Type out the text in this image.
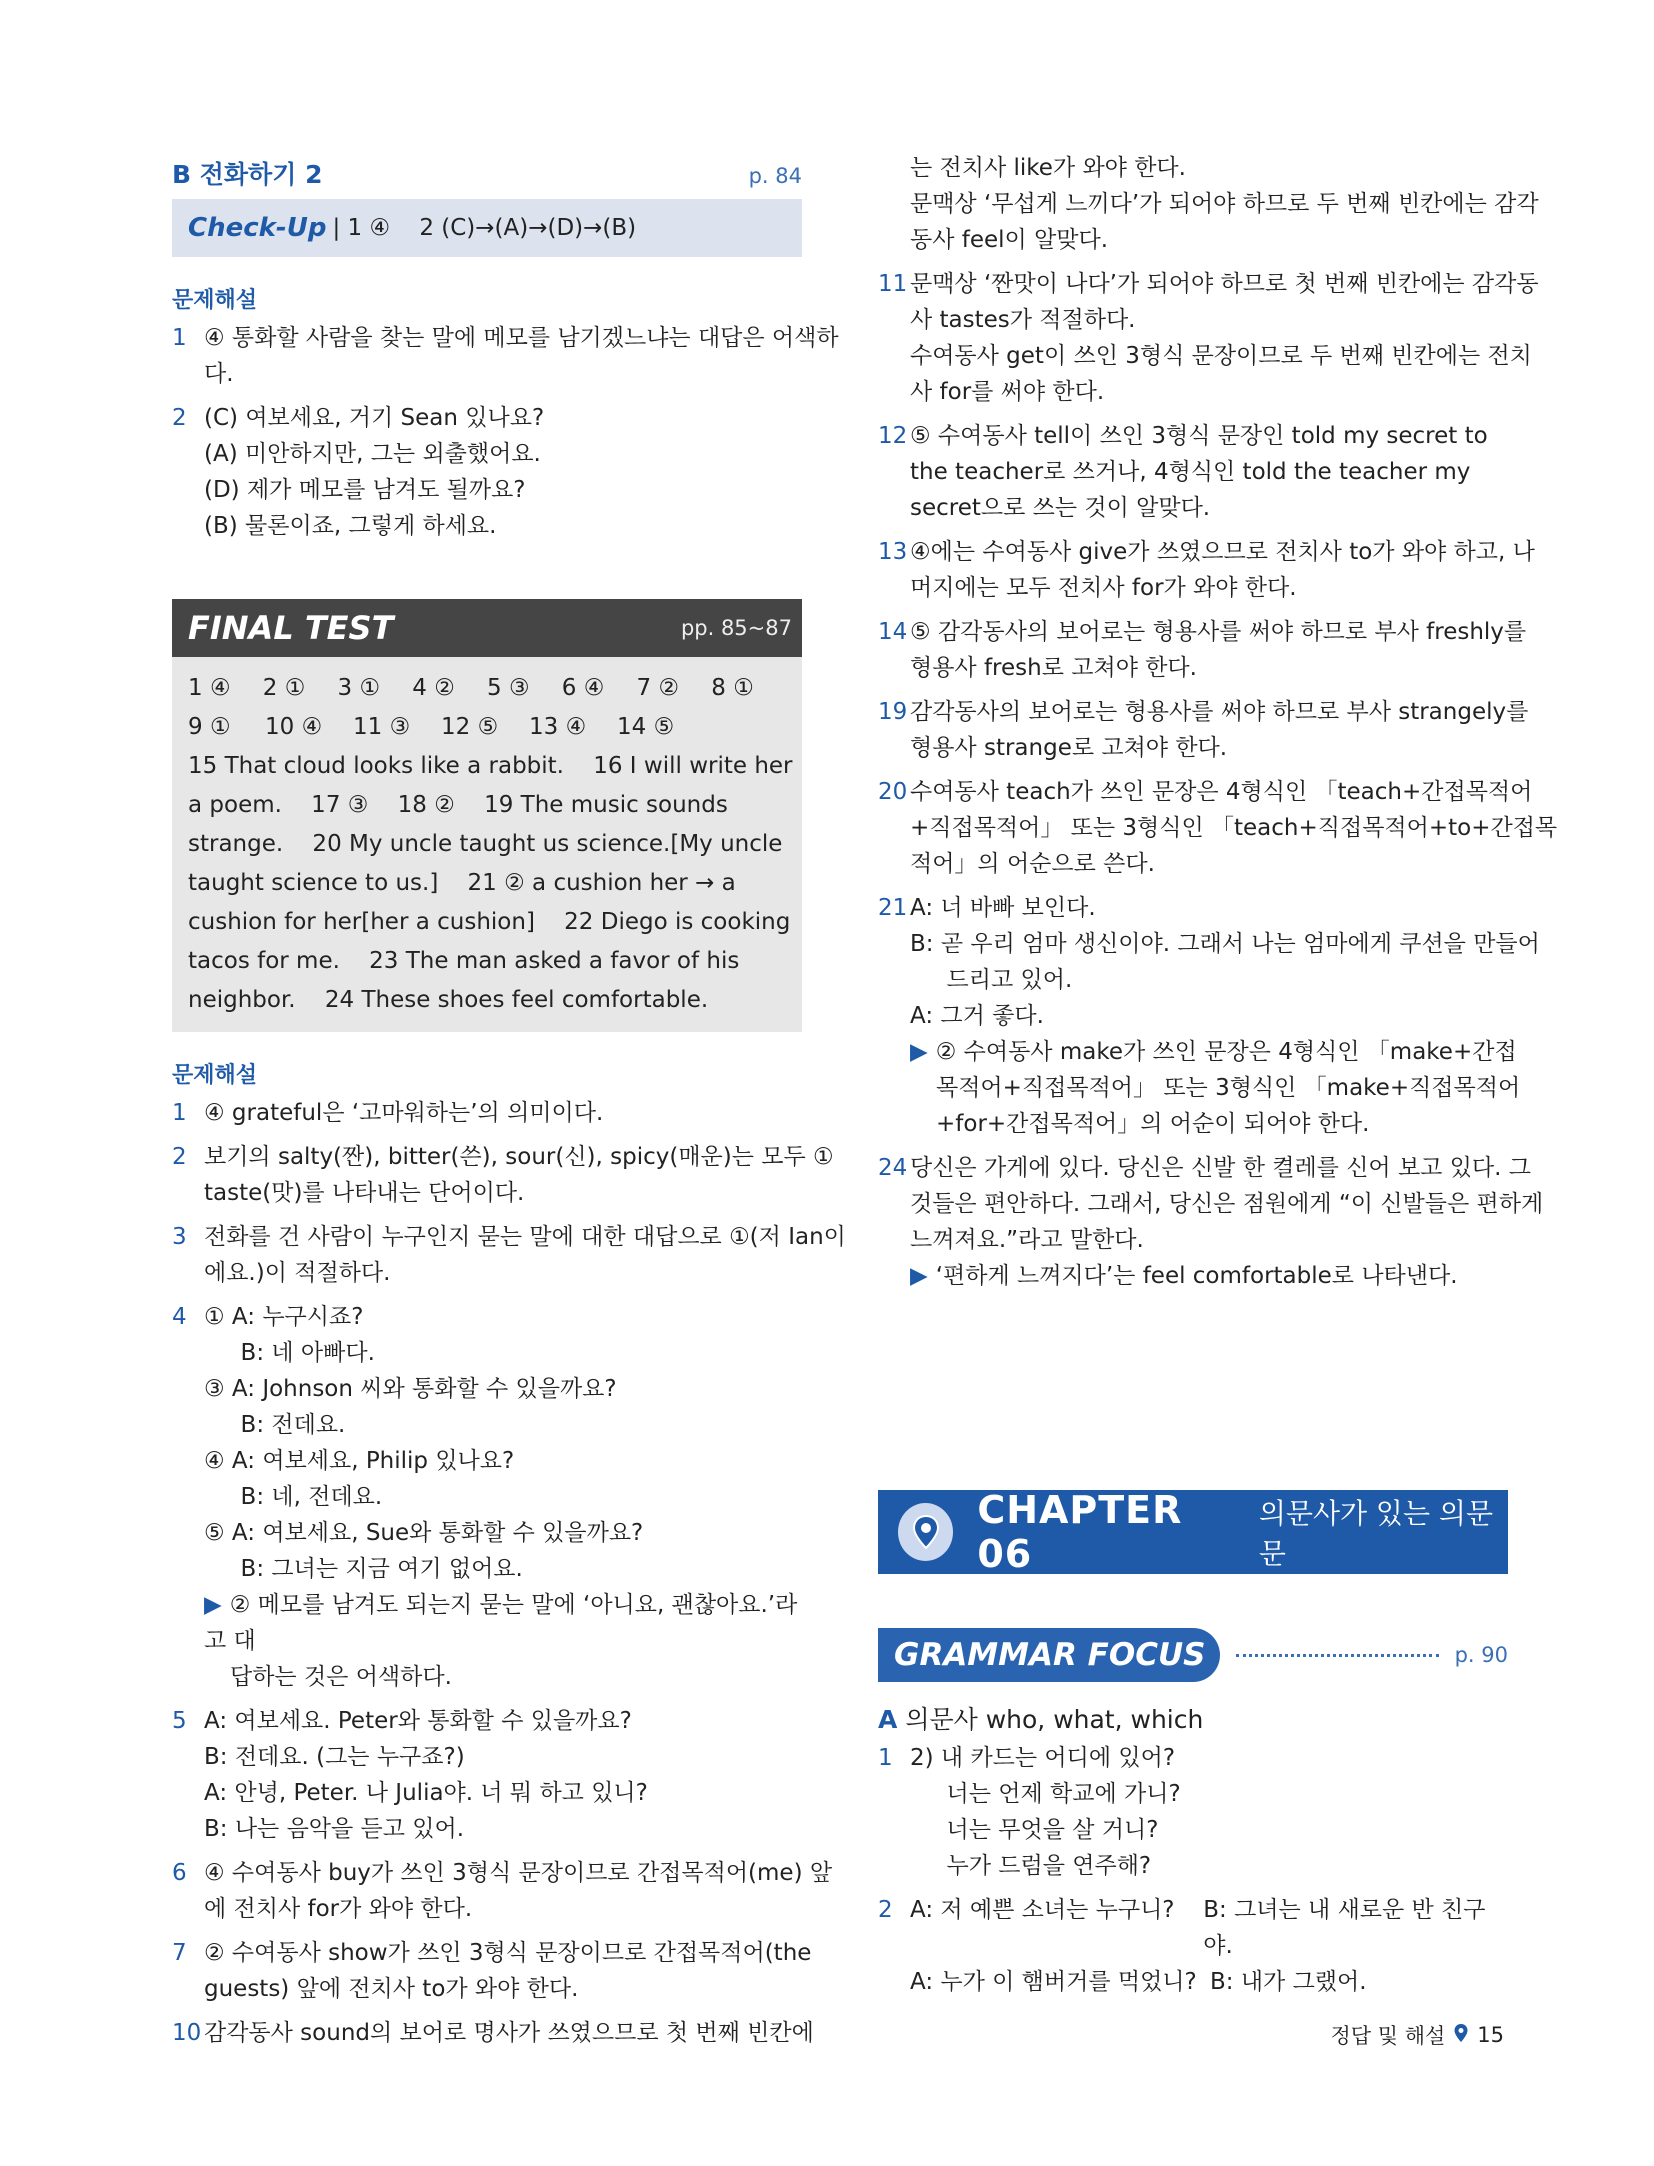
B 전화하기 2	p. 84
Check-Up | 1 ④    2 (C)→(A)→(D)→(B)
문제해설
1 ④ 통화할 사람을 찾는 말에 메모를 남기겠느냐는 대답은 어색하
다.
2 (C) 여보세요, 거기 Sean 있나요?
(A) 미안하지만, 그는 외출했어요.
(D) 제가 메모를 남겨도 될까요?
(B) 물론이죠, 그렇게 하세요.
FINAL TEST	pp. 85~87
1 ④	2 ①	3 ①	4 ②	5 ③	6 ④	7 ②	8 ①
9 ①	10 ④	11 ③	12 ⑤	13 ④	14 ⑤
15 That cloud looks like a rabbit.    16 I will write her
a poem.    17 ③    18 ②    19 The music sounds
strange.    20 My uncle taught us science.[My uncle
taught science to us.]    21 ② a cushion her → a
cushion for her[her a cushion]    22 Diego is cooking
tacos for me.    23 The man asked a favor of his
neighbor.    24 These shoes feel comfortable.
문제해설
1 ④ grateful은 ‘고마워하는’의 의미이다.
2 보기의 salty(짠), bitter(쓴), sour(신), spicy(매운)는 모두 ①
taste(맛)를 나타내는 단어이다.
3 전화를 건 사람이 누구인지 묻는 말에 대한 대답으로 ①(저 Ian이
에요.)이 적절하다.
4 ① A: 누구시죠?
B: 네 아빠다.
③ A: Johnson 씨와 통화할 수 있을까요?
B: 전데요.
④ A: 여보세요, Philip 있나요?
B: 네, 전데요.
⑤ A: 여보세요, Sue와 통화할 수 있을까요?
B: 그녀는 지금 여기 없어요.
▶ ② 메모를 남겨도 되는지 묻는 말에 ‘아니요, 괜찮아요.’라고 대
답하는 것은 어색하다.
5 A: 여보세요. Peter와 통화할 수 있을까요?
B: 전데요. (그는 누구죠?)
A: 안녕, Peter. 나 Julia야. 너 뭐 하고 있니?
B: 나는 음악을 듣고 있어.
6 ④ 수여동사 buy가 쓰인 3형식 문장이므로 간접목적어(me) 앞
에 전치사 for가 와야 한다.
7 ② 수여동사 show가 쓰인 3형식 문장이므로 간접목적어(the
guests) 앞에 전치사 to가 와야 한다.
10 감각동사 sound의 보어로 명사가 쓰였으므로 첫 번째 빈칸에
는 전치사 like가 와야 한다.
문맥상 ‘무섭게 느끼다’가 되어야 하므로 두 번째 빈칸에는 감각
동사 feel이 알맞다.
11 문맥상 ‘짠맛이 나다’가 되어야 하므로 첫 번째 빈칸에는 감각동
사 tastes가 적절하다.
수여동사 get이 쓰인 3형식 문장이므로 두 번째 빈칸에는 전치
사 for를 써야 한다.
12 ⑤ 수여동사 tell이 쓰인 3형식 문장인 told my secret to
the teacher로 쓰거나, 4형식인 told the teacher my
secret으로 쓰는 것이 알맞다.
13 ④에는 수여동사 give가 쓰였으므로 전치사 to가 와야 하고, 나
머지에는 모두 전치사 for가 와야 한다.
14 ⑤ 감각동사의 보어로는 형용사를 써야 하므로 부사 freshly를
형용사 fresh로 고쳐야 한다.
19 감각동사의 보어로는 형용사를 써야 하므로 부사 strangely를
형용사 strange로 고쳐야 한다.
20 수여동사 teach가 쓰인 문장은 4형식인 「teach+간접목적어
+직접목적어」 또는 3형식인 「teach+직접목적어+to+간접목
적어」의 어순으로 쓴다.
21 A: 너 바빠 보인다.
B: 곧 우리 엄마 생신이야. 그래서 나는 엄마에게 쿠션을 만들어
드리고 있어.
A: 그거 좋다.
▶ ② 수여동사 make가 쓰인 문장은 4형식인 「make+간접
목적어+직접목적어」 또는 3형식인 「make+직접목적어
+for+간접목적어」의 어순이 되어야 한다.
24 당신은 가게에 있다. 당신은 신발 한 켤레를 신어 보고 있다. 그
것들은 편안하다. 그래서, 당신은 점원에게 “이 신발들은 편하게
느껴져요.”라고 말한다.
▶ ‘편하게 느껴지다’는 feel comfortable로 나타낸다.
CHAPTER 06
의문사가 있는 의문문
GRAMMAR FOCUS	p. 90
A 의문사 who, what, which
1 2) 내 카드는 어디에 있어?
너는 언제 학교에 가니?
너는 무엇을 살 거니?
누가 드럼을 연주해?
2 A: 저 예쁜 소녀는 누구니?	B: 그녀는 내 새로운 반 친구야.
A: 누가 이 햄버거를 먹었니? B: 내가 그랬어.
정답 및 해설 15
